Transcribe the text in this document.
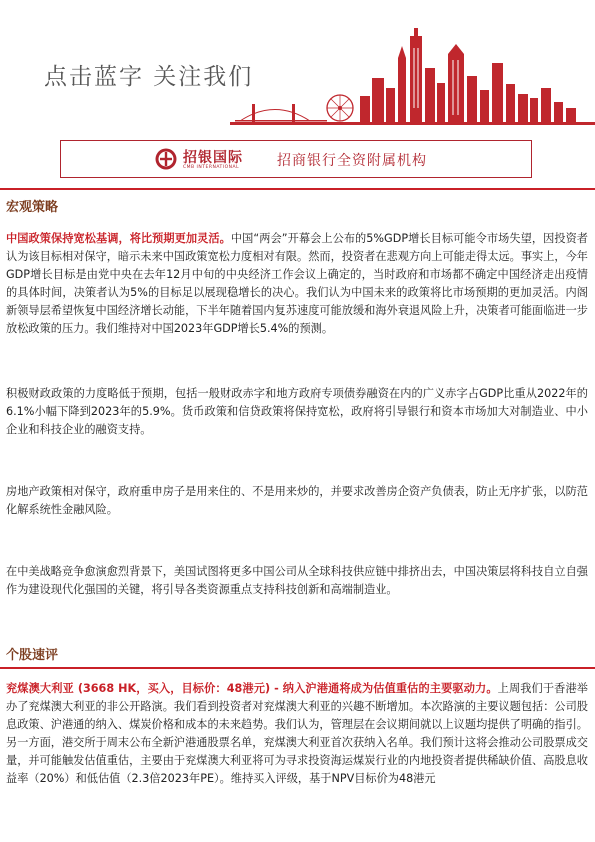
点击蓝字 关注我们
招银国际
CMB INTERNATIONAL	招商银行全资附属机构
宏观策略
中国政策保持宽松基调，将比预期更加灵活。中国“两会”开幕会上公布的5%GDP增长目标可能令市场失望，因投资者认为该目标相对保守，暗示未来中国政策宽松力度相对有限。然而，投资者在悲观方向上可能走得太远。事实上，今年GDP增长目标是由党中央在去年12月中旬的中央经济工作会议上确定的，当时政府和市场都不确定中国经济走出疫情的具体时间，决策者认为5%的目标足以展现稳增长的决心。我们认为中国未来的政策将比市场预期的更加灵活。内阁新领导层希望恢复中国经济增长动能，下半年随着国内复苏速度可能放缓和海外衰退风险上升，决策者可能面临进一步放松政策的压力。我们维持对中国2023年GDP增长5.4%的预测。
积极财政政策的力度略低于预期，包括一般财政赤字和地方政府专项债券融资在内的广义赤字占GDP比重从2022年的6.1%小幅下降到2023年的5.9%。货币政策和信贷政策将保持宽松，政府将引导银行和资本市场加大对制造业、中小企业和科技企业的融资支持。
房地产政策相对保守，政府重申房子是用来住的、不是用来炒的，并要求改善房企资产负债表，防止无序扩张，以防范化解系统性金融风险。
在中美战略竞争愈演愈烈背景下，美国试图将更多中国公司从全球科技供应链中排挤出去，中国决策层将科技自立自强作为建设现代化强国的关键，将引导各类资源重点支持科技创新和高端制造业。
个股速评
兖煤澳大利亚 (3668 HK，买入，目标价：48港元) - 纳入沪港通将成为估值重估的主要驱动力。上周我们于香港举办了兖煤澳大利亚的非公开路演。我们看到投资者对兖煤澳大利亚的兴趣不断增加。本次路演的主要议题包括：公司股息政策、沪港通的纳入、煤炭价格和成本的未来趋势。我们认为，管理层在会议期间就以上议题均提供了明确的指引。另一方面，港交所于周末公布全新沪港通股票名单，兖煤澳大利亚首次获纳入名单。我们预计这将会推动公司股票成交量，并可能触发估值重估，主要由于兖煤澳大利亚将可为寻求投资海运煤炭行业的内地投资者提供稀缺价值、高股息收益率（20%）和低估值（2.3倍2023年PE）。维持买入评级，基于NPV目标价为48港元
